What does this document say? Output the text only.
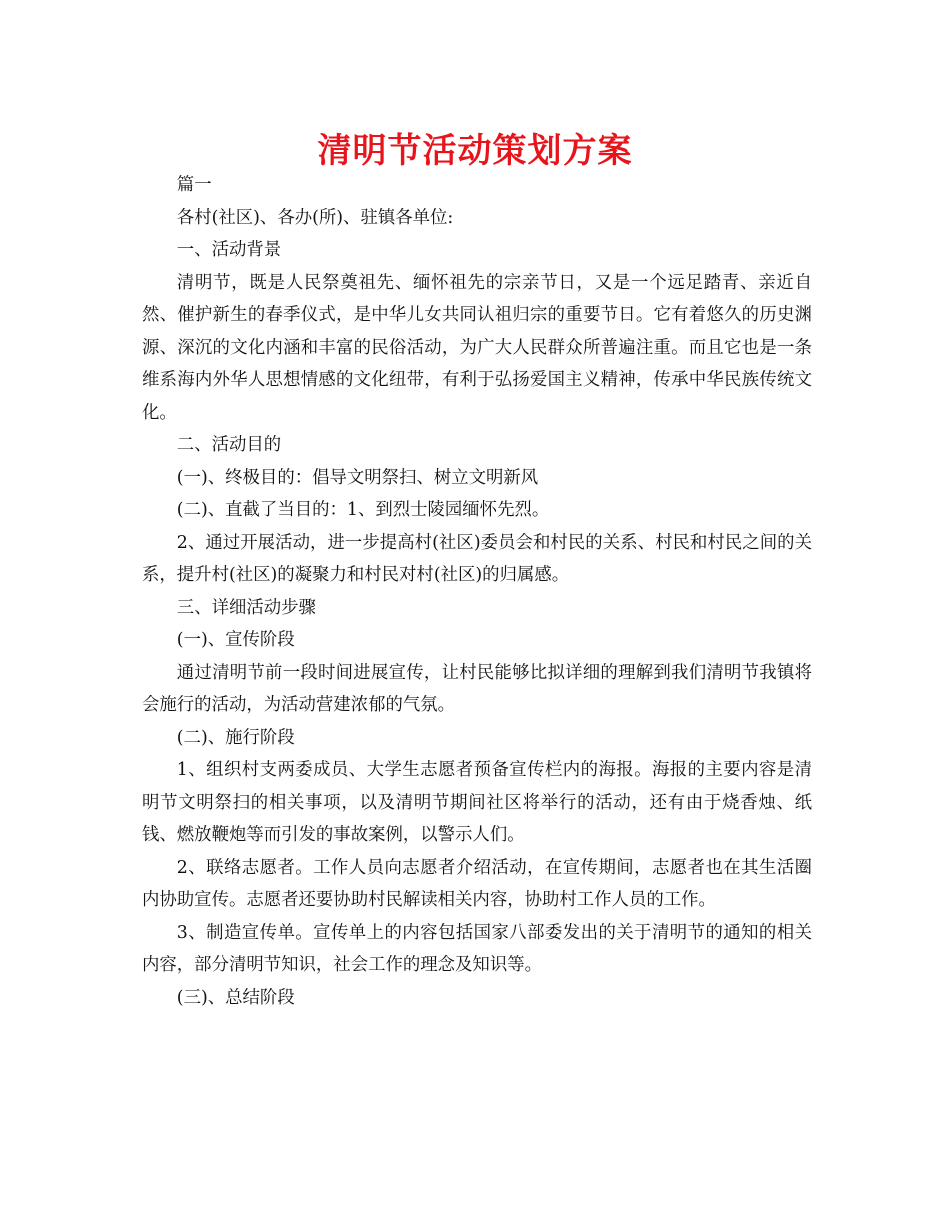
清明节活动策划方案

篇一

各村(社区)、各办(所)、驻镇各单位:

一、活动背景

清明节，既是人民祭奠祖先、缅怀祖先的宗亲节日，又是一个远足踏青、亲近自然、催护新生的春季仪式，是中华儿女共同认祖归宗的重要节日。它有着悠久的历史渊源、深沉的文化内涵和丰富的民俗活动，为广大人民群众所普遍注重。而且它也是一条维系海内外华人思想情感的文化纽带，有利于弘扬爱国主义精神，传承中华民族传统文化。

二、活动目的

(一)、终极目的：倡导文明祭扫、树立文明新风

(二)、直截了当目的：1、到烈士陵园缅怀先烈。

2、通过开展活动，进一步提高村(社区)委员会和村民的关系、村民和村民之间的关系，提升村(社区)的凝聚力和村民对村(社区)的归属感。

三、详细活动步骤

(一)、宣传阶段

通过清明节前一段时间进展宣传，让村民能够比拟详细的理解到我们清明节我镇将会施行的活动，为活动营建浓郁的气氛。

(二)、施行阶段

1、组织村支两委成员、大学生志愿者预备宣传栏内的海报。海报的主要内容是清明节文明祭扫的相关事项，以及清明节期间社区将举行的活动，还有由于烧香烛、纸钱、燃放鞭炮等而引发的事故案例，以警示人们。

2、联络志愿者。工作人员向志愿者介绍活动，在宣传期间，志愿者也在其生活圈内协助宣传。志愿者还要协助村民解读相关内容，协助村工作人员的工作。

3、制造宣传单。宣传单上的内容包括国家八部委发出的关于清明节的通知的相关内容，部分清明节知识，社会工作的理念及知识等。

(三)、总结阶段
